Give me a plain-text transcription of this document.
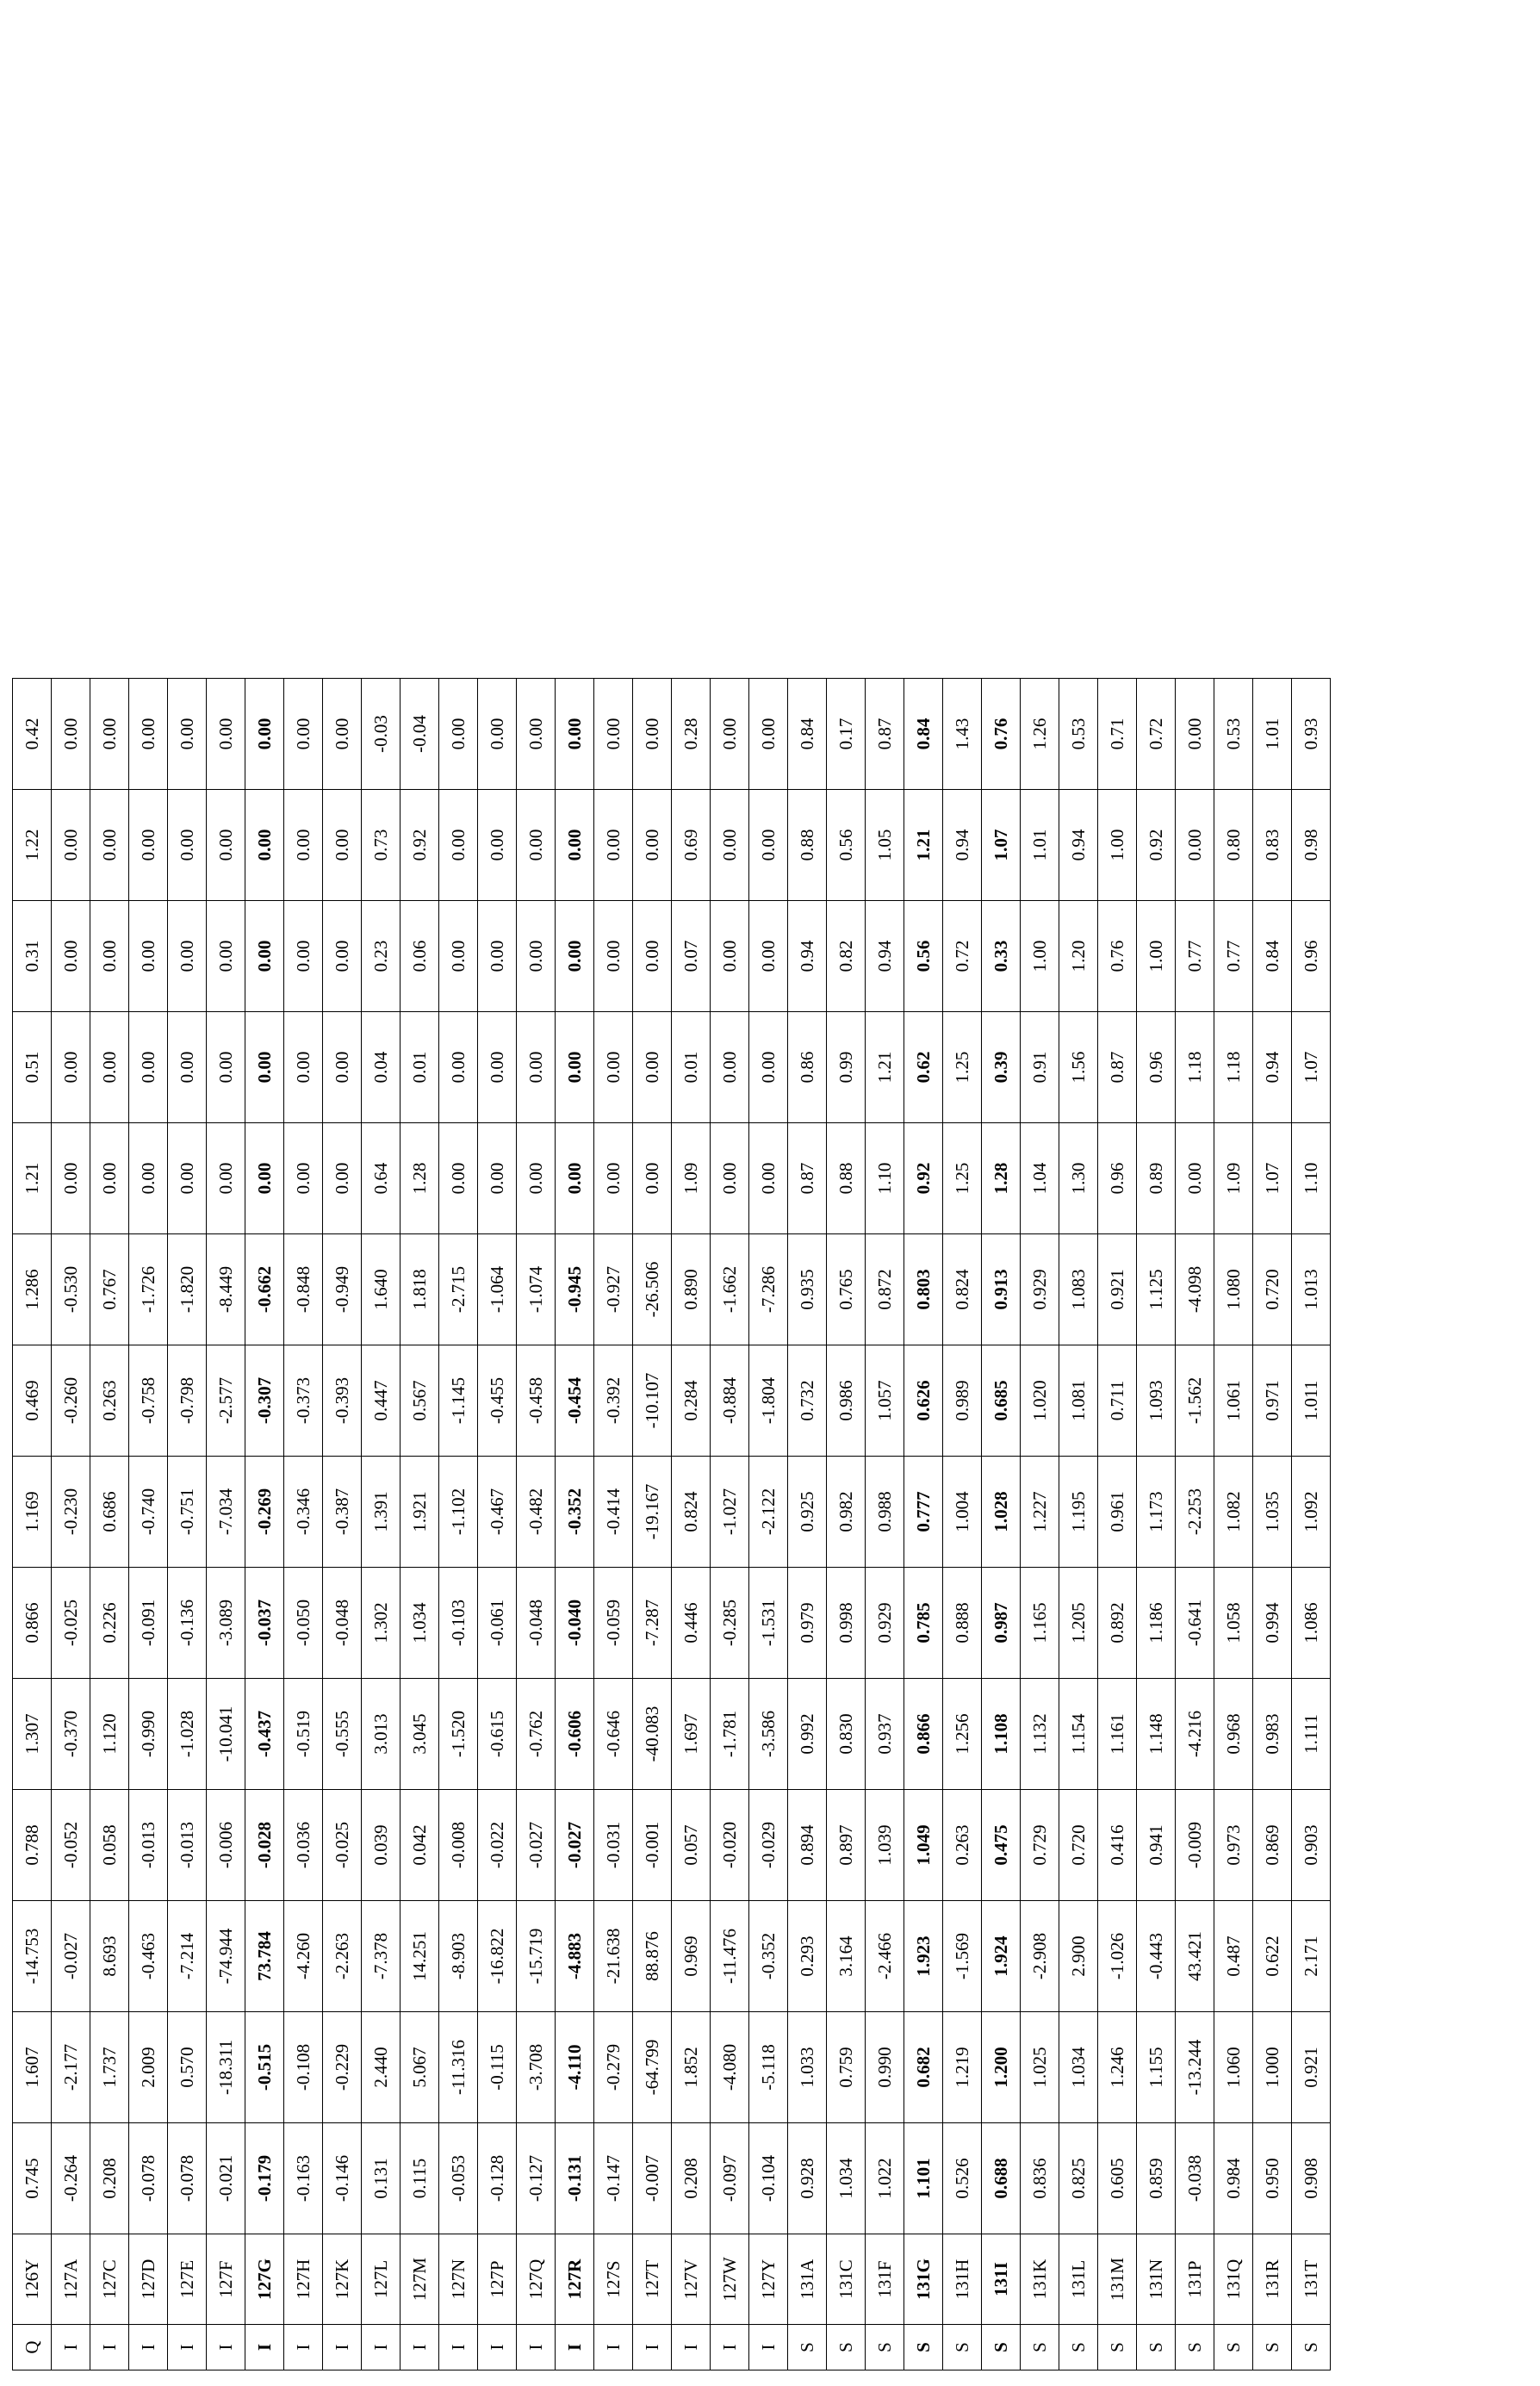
Q	126Y	0.745	1.607	-14.753	0.788	1.307	0.866	1.169	0.469	1.286	1.21	0.51	0.31	1.22	0.42
I	127A	-0.264	-2.177	-0.027	-0.052	-0.370	-0.025	-0.230	-0.260	-0.530	0.00	0.00	0.00	0.00	0.00
I	127C	0.208	1.737	8.693	0.058	1.120	0.226	0.686	0.263	0.767	0.00	0.00	0.00	0.00	0.00
I	127D	-0.078	2.009	-0.463	-0.013	-0.990	-0.091	-0.740	-0.758	-1.726	0.00	0.00	0.00	0.00	0.00
I	127E	-0.078	0.570	-7.214	-0.013	-1.028	-0.136	-0.751	-0.798	-1.820	0.00	0.00	0.00	0.00	0.00
I	127F	-0.021	-18.311	-74.944	-0.006	-10.041	-3.089	-7.034	-2.577	-8.449	0.00	0.00	0.00	0.00	0.00
I	127G	-0.179	-0.515	73.784	-0.028	-0.437	-0.037	-0.269	-0.307	-0.662	0.00	0.00	0.00	0.00	0.00
I	127H	-0.163	-0.108	-4.260	-0.036	-0.519	-0.050	-0.346	-0.373	-0.848	0.00	0.00	0.00	0.00	0.00
I	127K	-0.146	-0.229	-2.263	-0.025	-0.555	-0.048	-0.387	-0.393	-0.949	0.00	0.00	0.00	0.00	0.00
I	127L	0.131	2.440	-7.378	0.039	3.013	1.302	1.391	0.447	1.640	0.64	0.04	0.23	0.73	-0.03
I	127M	0.115	5.067	14.251	0.042	3.045	1.034	1.921	0.567	1.818	1.28	0.01	0.06	0.92	-0.04
I	127N	-0.053	-11.316	-8.903	-0.008	-1.520	-0.103	-1.102	-1.145	-2.715	0.00	0.00	0.00	0.00	0.00
I	127P	-0.128	-0.115	-16.822	-0.022	-0.615	-0.061	-0.467	-0.455	-1.064	0.00	0.00	0.00	0.00	0.00
I	127Q	-0.127	-3.708	-15.719	-0.027	-0.762	-0.048	-0.482	-0.458	-1.074	0.00	0.00	0.00	0.00	0.00
I	127R	-0.131	-4.110	-4.883	-0.027	-0.606	-0.040	-0.352	-0.454	-0.945	0.00	0.00	0.00	0.00	0.00
I	127S	-0.147	-0.279	-21.638	-0.031	-0.646	-0.059	-0.414	-0.392	-0.927	0.00	0.00	0.00	0.00	0.00
I	127T	-0.007	-64.799	88.876	-0.001	-40.083	-7.287	-19.167	-10.107	-26.506	0.00	0.00	0.00	0.00	0.00
I	127V	0.208	1.852	0.969	0.057	1.697	0.446	0.824	0.284	0.890	1.09	0.01	0.07	0.69	0.28
I	127W	-0.097	-4.080	-11.476	-0.020	-1.781	-0.285	-1.027	-0.884	-1.662	0.00	0.00	0.00	0.00	0.00
I	127Y	-0.104	-5.118	-0.352	-0.029	-3.586	-1.531	-2.122	-1.804	-7.286	0.00	0.00	0.00	0.00	0.00
S	131A	0.928	1.033	0.293	0.894	0.992	0.979	0.925	0.732	0.935	0.87	0.86	0.94	0.88	0.84
S	131C	1.034	0.759	3.164	0.897	0.830	0.998	0.982	0.986	0.765	0.88	0.99	0.82	0.56	0.17
S	131F	1.022	0.990	-2.466	1.039	0.937	0.929	0.988	1.057	0.872	1.10	1.21	0.94	1.05	0.87
S	131G	1.101	0.682	1.923	1.049	0.866	0.785	0.777	0.626	0.803	0.92	0.62	0.56	1.21	0.84
S	131H	0.526	1.219	-1.569	0.263	1.256	0.888	1.004	0.989	0.824	1.25	1.25	0.72	0.94	1.43
S	131I	0.688	1.200	1.924	0.475	1.108	0.987	1.028	0.685	0.913	1.28	0.39	0.33	1.07	0.76
S	131K	0.836	1.025	-2.908	0.729	1.132	1.165	1.227	1.020	0.929	1.04	0.91	1.00	1.01	1.26
S	131L	0.825	1.034	2.900	0.720	1.154	1.205	1.195	1.081	1.083	1.30	1.56	1.20	0.94	0.53
S	131M	0.605	1.246	-1.026	0.416	1.161	0.892	0.961	0.711	0.921	0.96	0.87	0.76	1.00	0.71
S	131N	0.859	1.155	-0.443	0.941	1.148	1.186	1.173	1.093	1.125	0.89	0.96	1.00	0.92	0.72
S	131P	-0.038	-13.244	43.421	-0.009	-4.216	-0.641	-2.253	-1.562	-4.098	0.00	1.18	0.77	0.00	0.00
S	131Q	0.984	1.060	0.487	0.973	0.968	1.058	1.082	1.061	1.080	1.09	1.18	0.77	0.80	0.53
S	131R	0.950	1.000	0.622	0.869	0.983	0.994	1.035	0.971	0.720	1.07	0.94	0.84	0.83	1.01
S	131T	0.908	0.921	2.171	0.903	1.111	1.086	1.092	1.011	1.013	1.10	1.07	0.96	0.98	0.93
